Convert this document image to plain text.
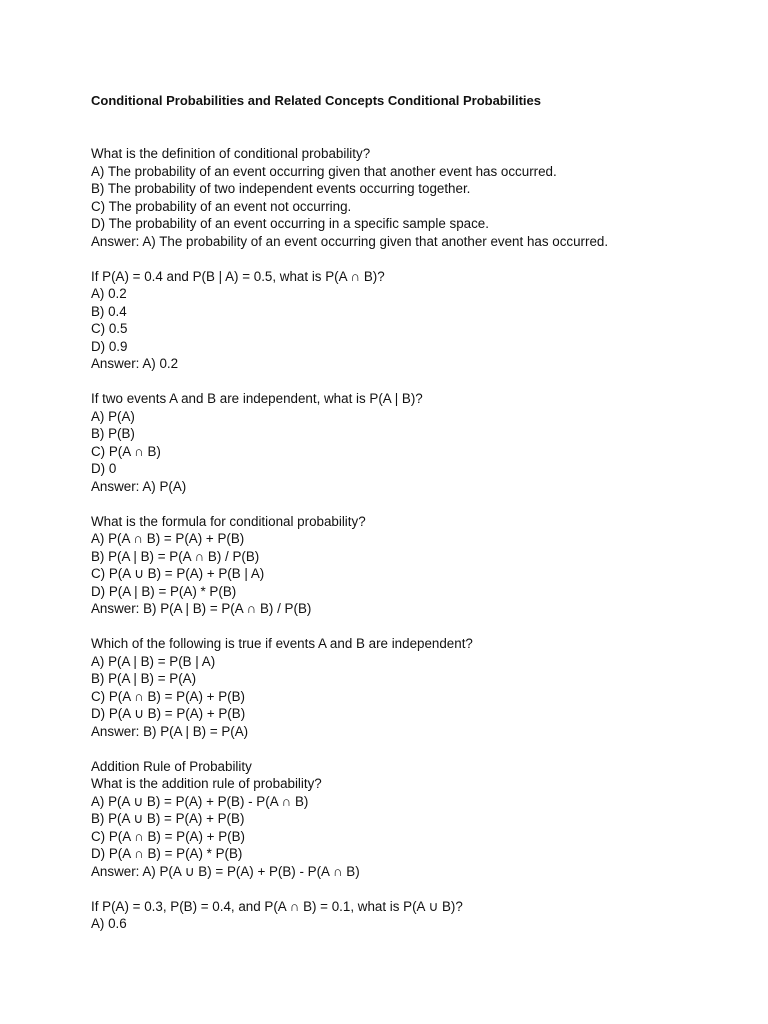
Conditional Probabilities and Related Concepts Conditional Probabilities

What is the definition of conditional probability?

A) The probability of an event occurring given that another event has occurred.

B) The probability of two independent events occurring together.

C) The probability of an event not occurring.

D) The probability of an event occurring in a specific sample space.

Answer: A) The probability of an event occurring given that another event has occurred.

If P(A) = 0.4 and P(B | A) = 0.5, what is P(A ∩ B)?

A) 0.2

B) 0.4

C) 0.5

D) 0.9

Answer: A) 0.2

If two events A and B are independent, what is P(A | B)?

A) P(A)

B) P(B)

C) P(A ∩ B)

D) 0

Answer: A) P(A)

What is the formula for conditional probability?

A) P(A ∩ B) = P(A) + P(B)

B) P(A | B) = P(A ∩ B) / P(B)

C) P(A ∪ B) = P(A) + P(B | A)

D) P(A | B) = P(A) * P(B)

Answer: B) P(A | B) = P(A ∩ B) / P(B)

Which of the following is true if events A and B are independent?

A) P(A | B) = P(B | A)

B) P(A | B) = P(A)

C) P(A ∩ B) = P(A) + P(B)

D) P(A ∪ B) = P(A) + P(B)

Answer: B) P(A | B) = P(A)

Addition Rule of Probability

What is the addition rule of probability?

A) P(A ∪ B) = P(A) + P(B) - P(A ∩ B)

B) P(A ∪ B) = P(A) + P(B)

C) P(A ∩ B) = P(A) + P(B)

D) P(A ∩ B) = P(A) * P(B)

Answer: A) P(A ∪ B) = P(A) + P(B) - P(A ∩ B)

If P(A) = 0.3, P(B) = 0.4, and P(A ∩ B) = 0.1, what is P(A ∪ B)?

A) 0.6
